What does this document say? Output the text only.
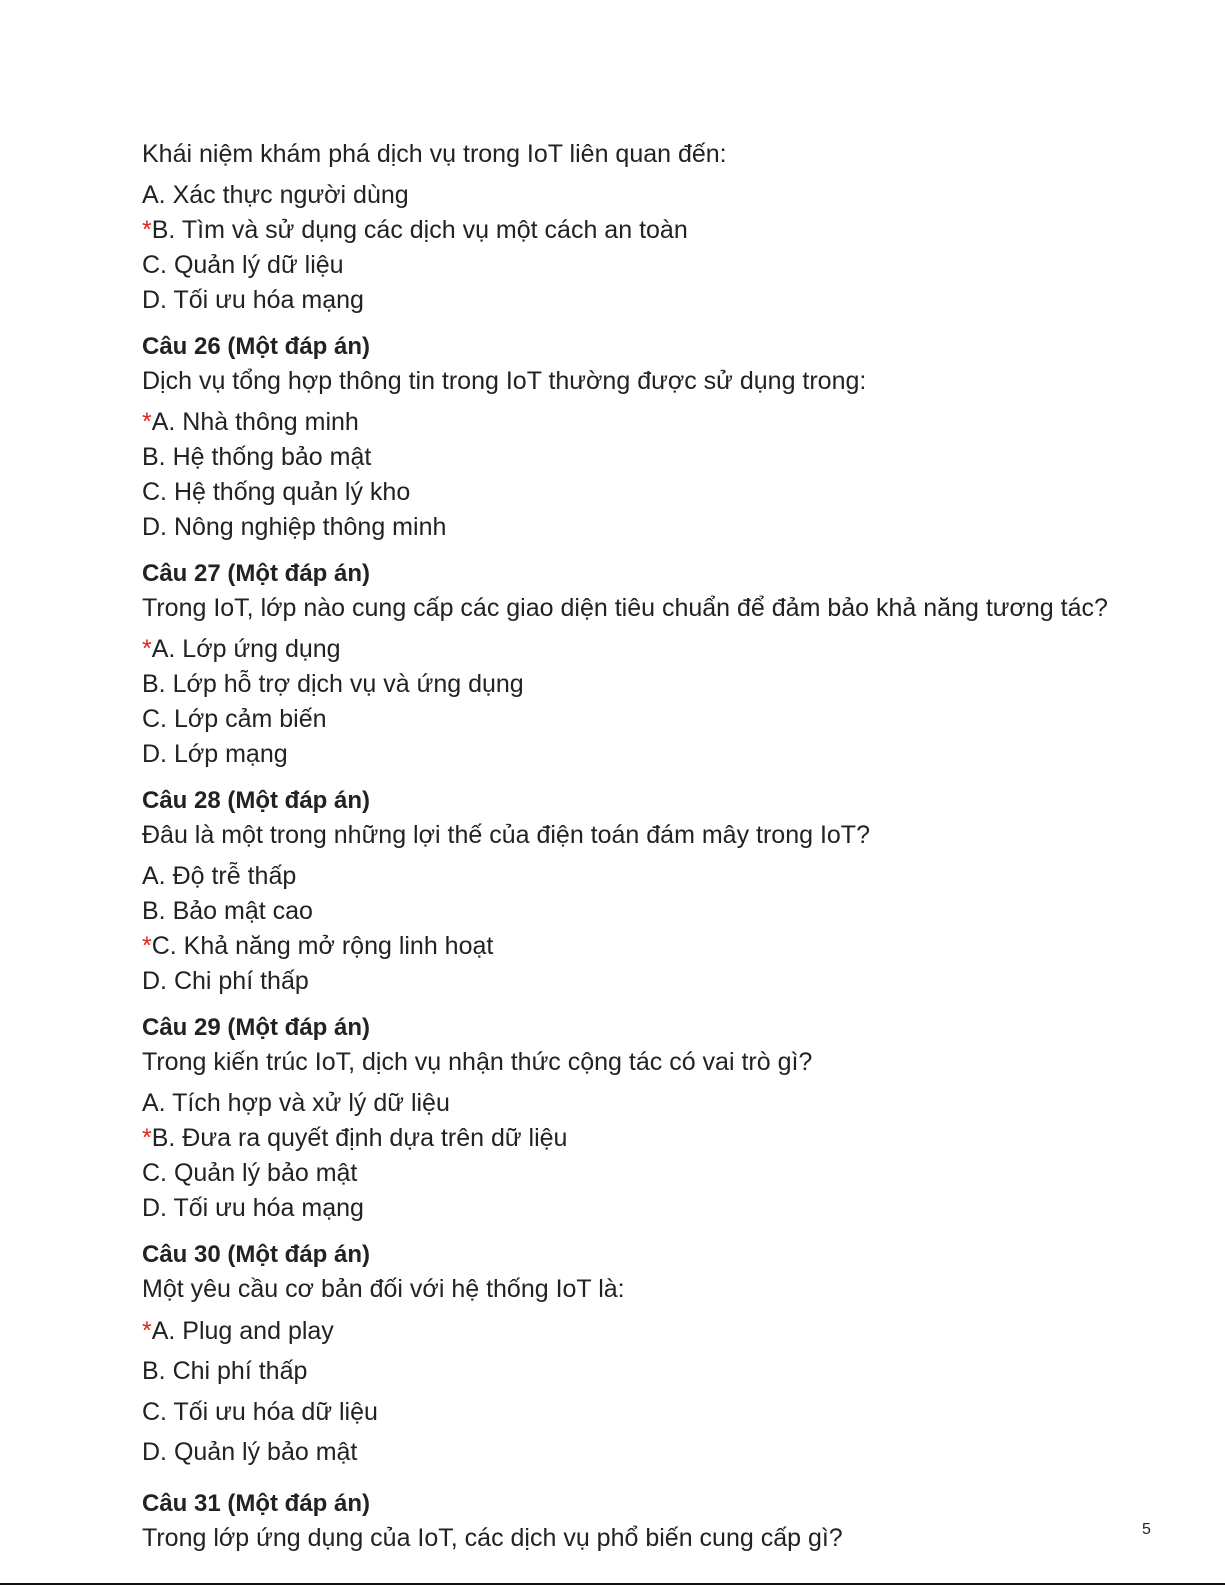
Khái niệm khám phá dịch vụ trong IoT liên quan đến:
A. Xác thực người dùng
*B. Tìm và sử dụng các dịch vụ một cách an toàn
C. Quản lý dữ liệu
D. Tối ưu hóa mạng
Câu 26 (Một đáp án)
Dịch vụ tổng hợp thông tin trong IoT thường được sử dụng trong:
*A. Nhà thông minh
B. Hệ thống bảo mật
C. Hệ thống quản lý kho
D. Nông nghiệp thông minh
Câu 27 (Một đáp án)
Trong IoT, lớp nào cung cấp các giao diện tiêu chuẩn để đảm bảo khả năng tương tác?
*A. Lớp ứng dụng
B. Lớp hỗ trợ dịch vụ và ứng dụng
C. Lớp cảm biến
D. Lớp mạng
Câu 28 (Một đáp án)
Đâu là một trong những lợi thế của điện toán đám mây trong IoT?
A. Độ trễ thấp
B. Bảo mật cao
*C. Khả năng mở rộng linh hoạt
D. Chi phí thấp
Câu 29 (Một đáp án)
Trong kiến trúc IoT, dịch vụ nhận thức cộng tác có vai trò gì?
A. Tích hợp và xử lý dữ liệu
*B. Đưa ra quyết định dựa trên dữ liệu
C. Quản lý bảo mật
D. Tối ưu hóa mạng
Câu 30 (Một đáp án)
Một yêu cầu cơ bản đối với hệ thống IoT là:
*A. Plug and play
B. Chi phí thấp
C. Tối ưu hóa dữ liệu
D. Quản lý bảo mật
Câu 31 (Một đáp án)
Trong lớp ứng dụng của IoT, các dịch vụ phổ biến cung cấp gì?	5
